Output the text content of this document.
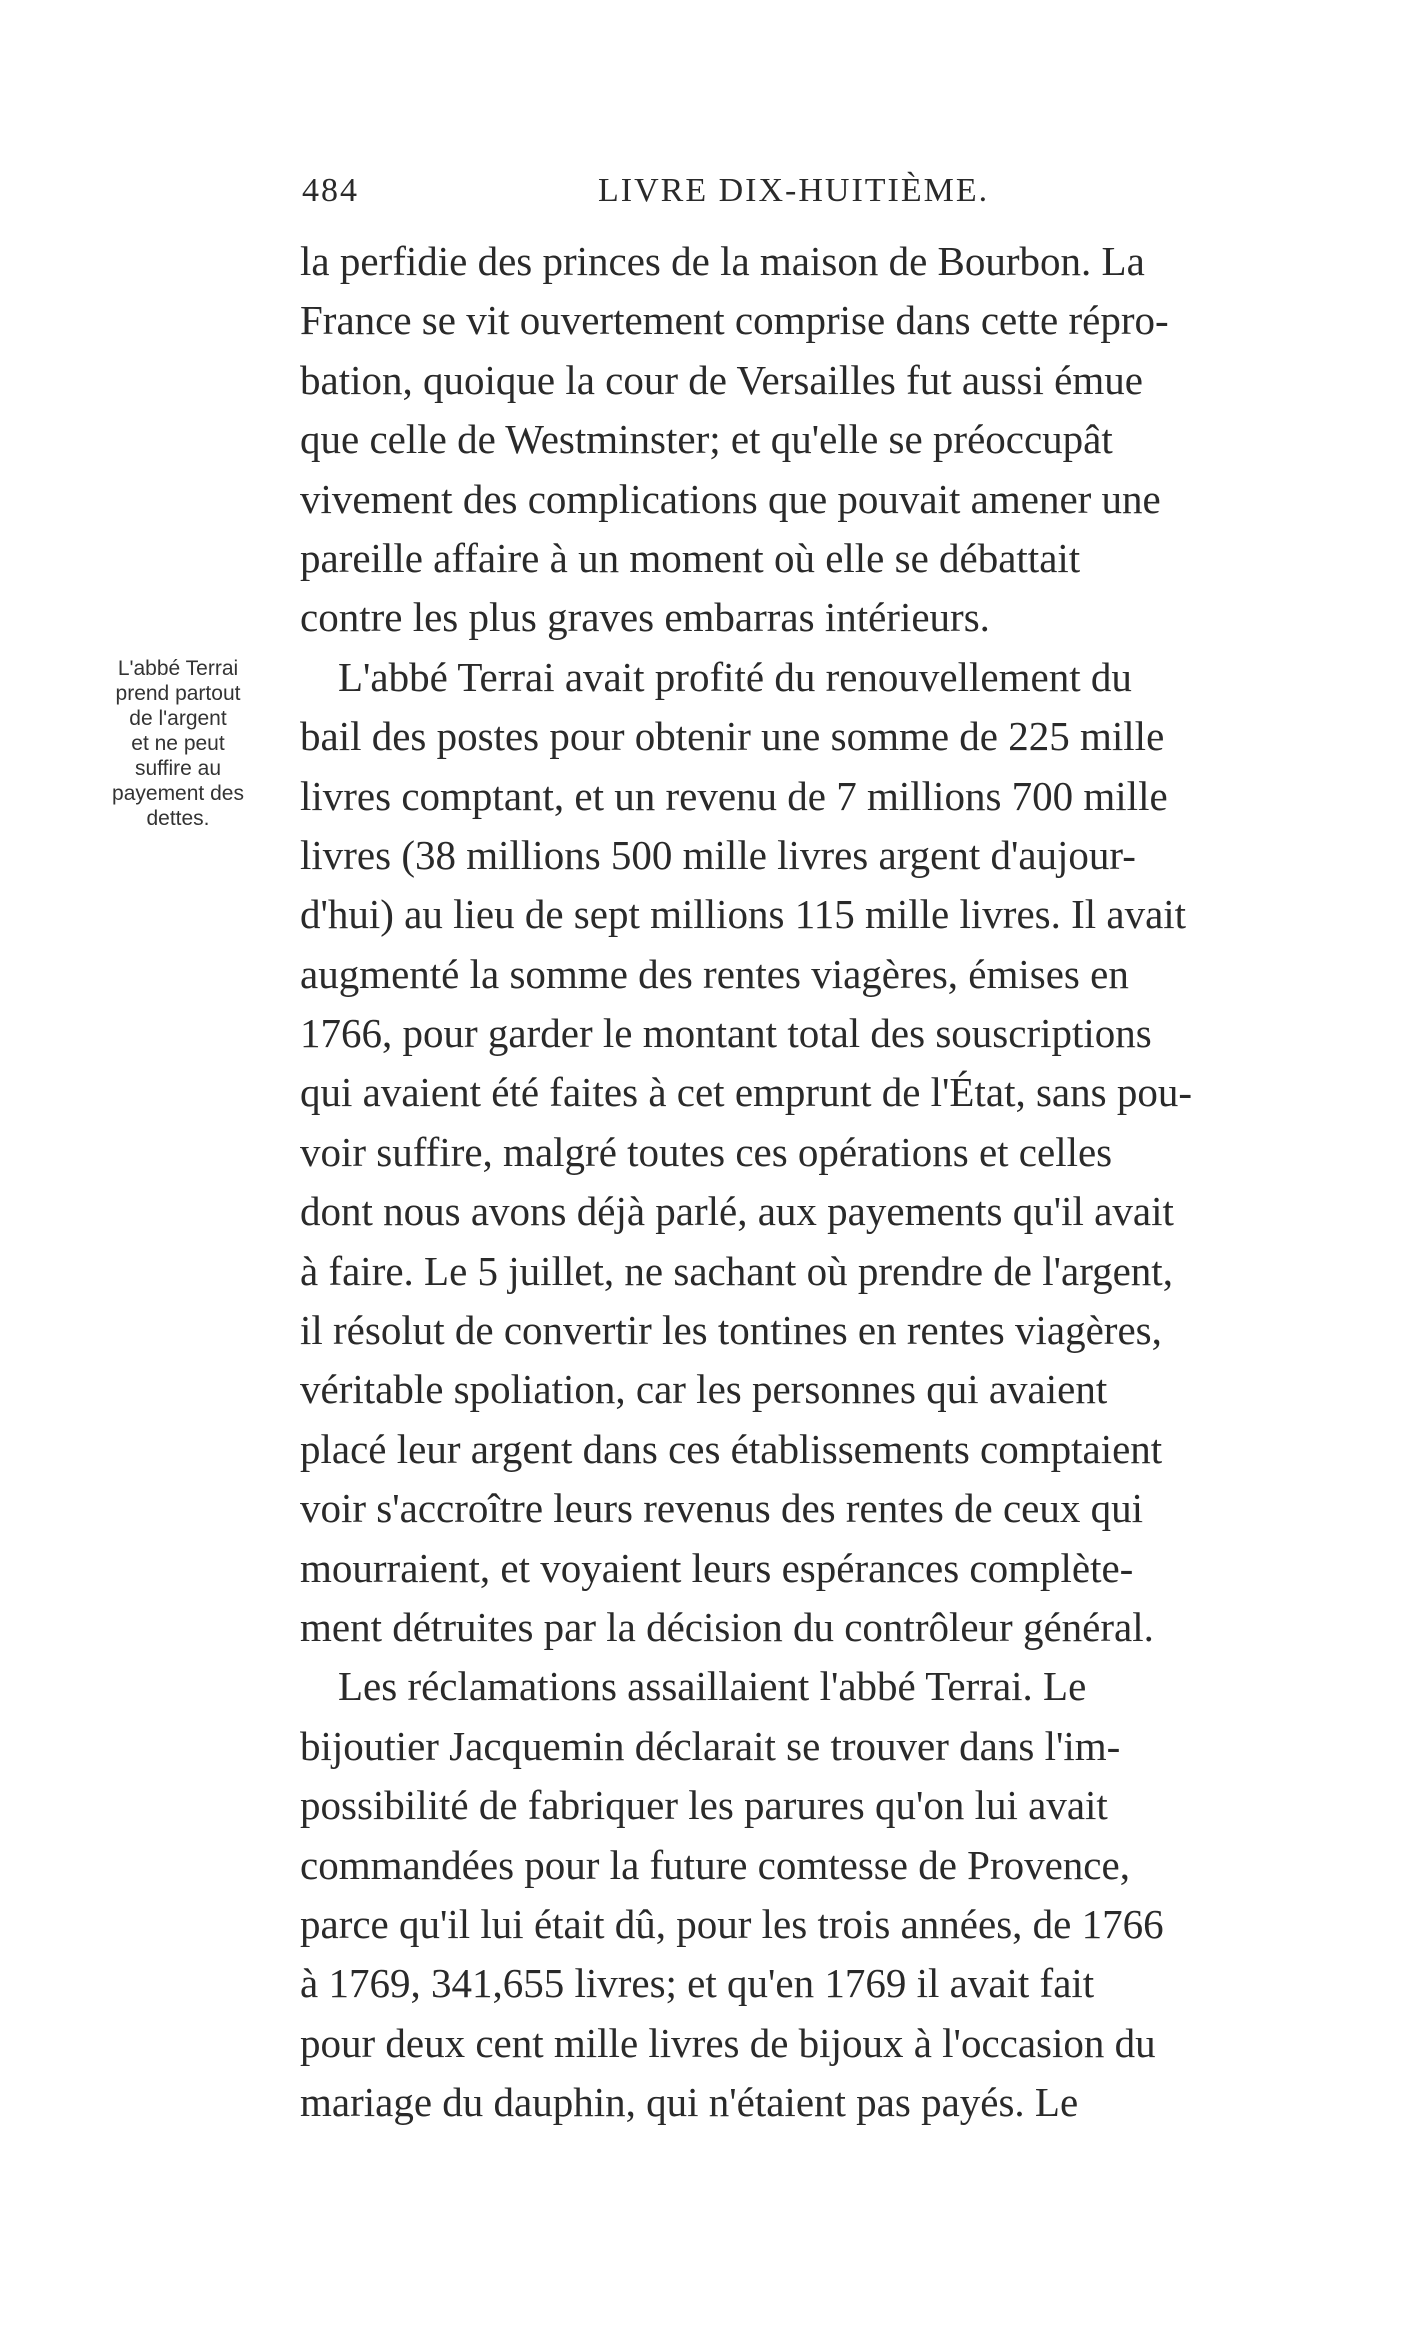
484	LIVRE DIX-HUITIÈME.
L'abbé Terrai
prend partout
de l'argent
et ne peut
suffire au
payement des
dettes.
la perfidie des princes de la maison de Bourbon. La
France se vit ouvertement comprise dans cette répro-
bation, quoique la cour de Versailles fut aussi émue
que celle de Westminster; et qu'elle se préoccupât
vivement des complications que pouvait amener une
pareille affaire à un moment où elle se débattait
contre les plus graves embarras intérieurs.
L'abbé Terrai avait profité du renouvellement du
bail des postes pour obtenir une somme de 225 mille
livres comptant, et un revenu de 7 millions 700 mille
livres (38 millions 500 mille livres argent d'aujour-
d'hui) au lieu de sept millions 115 mille livres. Il avait
augmenté la somme des rentes viagères, émises en
1766, pour garder le montant total des souscriptions
qui avaient été faites à cet emprunt de l'État, sans pou-
voir suffire, malgré toutes ces opérations et celles
dont nous avons déjà parlé, aux payements qu'il avait
à faire. Le 5 juillet, ne sachant où prendre de l'argent,
il résolut de convertir les tontines en rentes viagères,
véritable spoliation, car les personnes qui avaient
placé leur argent dans ces établissements comptaient
voir s'accroître leurs revenus des rentes de ceux qui
mourraient, et voyaient leurs espérances complète-
ment détruites par la décision du contrôleur général.
Les réclamations assaillaient l'abbé Terrai. Le
bijoutier Jacquemin déclarait se trouver dans l'im-
possibilité de fabriquer les parures qu'on lui avait
commandées pour la future comtesse de Provence,
parce qu'il lui était dû, pour les trois années, de 1766
à 1769, 341,655 livres; et qu'en 1769 il avait fait
pour deux cent mille livres de bijoux à l'occasion du
mariage du dauphin, qui n'étaient pas payés. Le
